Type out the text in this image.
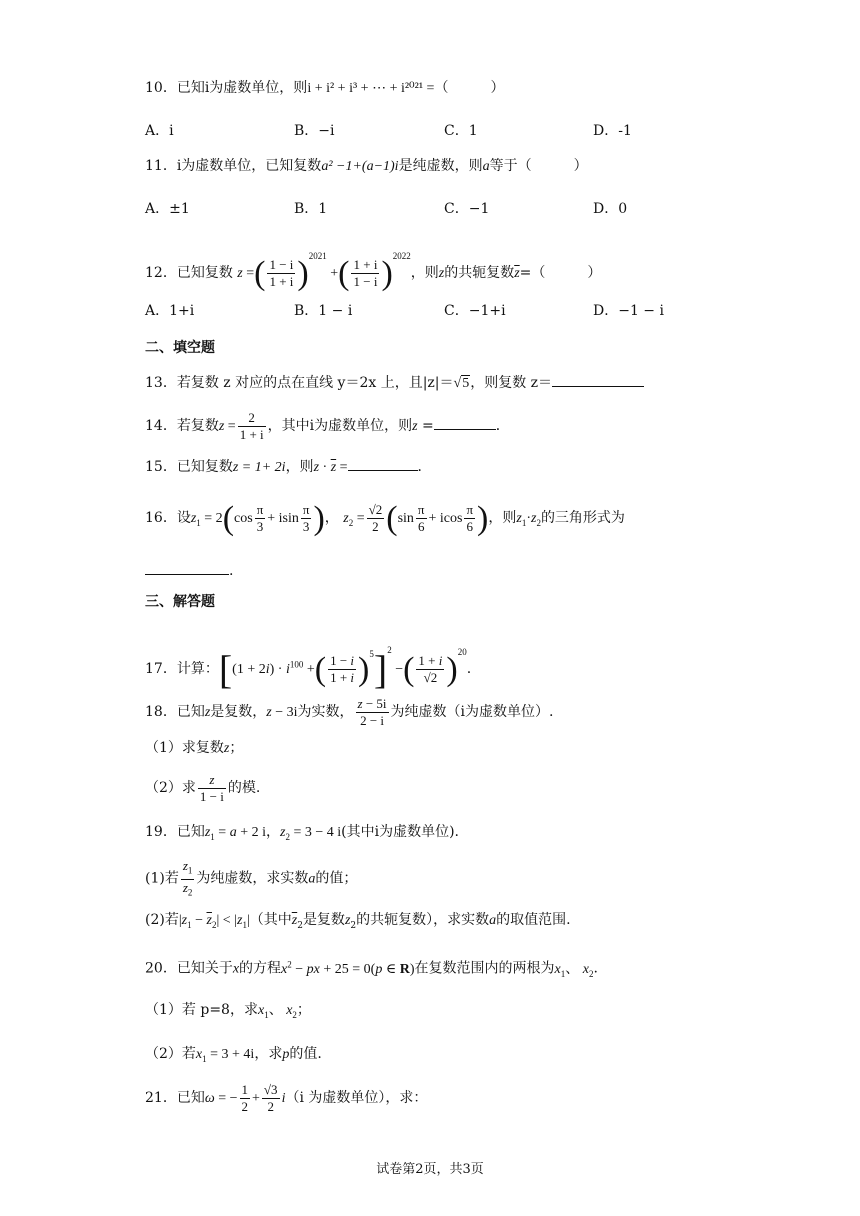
10．已知i为虚数单位，则i + i² + i³ + ⋯ + i²⁰²¹ =（　　　）
A．i	B．−i	C．1	D．-1
11．i为虚数单位，已知复数a² −1+(a−1)i是纯虚数，则a等于（　　　）
A．±1	B．1	C．−1	D．0
12．已知复数 z =( $\frac{1 - i}{1 + i} )^{2021}$ +( $\frac{1 + i}{1 - i} )^{2022}$，则z的共轭复数$\overline{z}=$（　　　）
A．1+i	B．1 − i	C．−1+i	D．−1 − i
二、填空题
13．若复数 z 对应的点在直线 y＝2x 上，且|z|＝√5，则复数 z＝
14．若复数$z = \frac{2}{1 + i}$ ，其中i为虚数单位，则z =	．
15．已知复数z = 1+ 2i，则$z \cdot \overline{z}$ =	．
16．设$z_1 = 2(\cos \frac{\pi}{3} + isin \frac{\pi}{3}$ )， $z_2 = \frac{√2}{2} (\sin \frac{\pi}{6} + icos \frac{\pi}{6}$ )，则$z_1\cdot z_2$的三角形式为
.
三、解答题
17．计算：[$(1 + 2i) \cdot i^{100}$ +( $\frac{1 - i}{1 + i} )^5]^2$ −( $\frac{1 + i}{√2} )^{20}$.
18．已知z是复数，z − 3i为实数， $\frac{z - 5i}{2 - i}$ 为纯虚数（i为虚数单位）.
（1）求复数z；
（2）求 $\frac{z}{1 - i}$ 的模.
19．已知$z_1 = a + 2$ i，$z_2 = 3 - 4$ i(其中i为虚数单位).
(1)若 $\frac{z_1}{z_2}$ 为纯虚数，求实数a的值；
(2)若$|z_1 - \overline{z}_2| < |z_1|$（其中$\overline{z}_2$是复数$z_2$的共轭复数），求实数a的取值范围.
20．已知关于x的方程$x^2$ − px + 25 = 0(p ∈ R)在复数范围内的两根为$x_1$、 $x_2$.
（1）若 p=8，求$x_1$、 $x_2$；
（2）若$x_1 = 3 + 4i$，求p的值.
21．已知ω = − $\frac{1}{2} + \frac{√3}{2} i(i$ 为虚数单位），求：
试卷第2页，共3页
